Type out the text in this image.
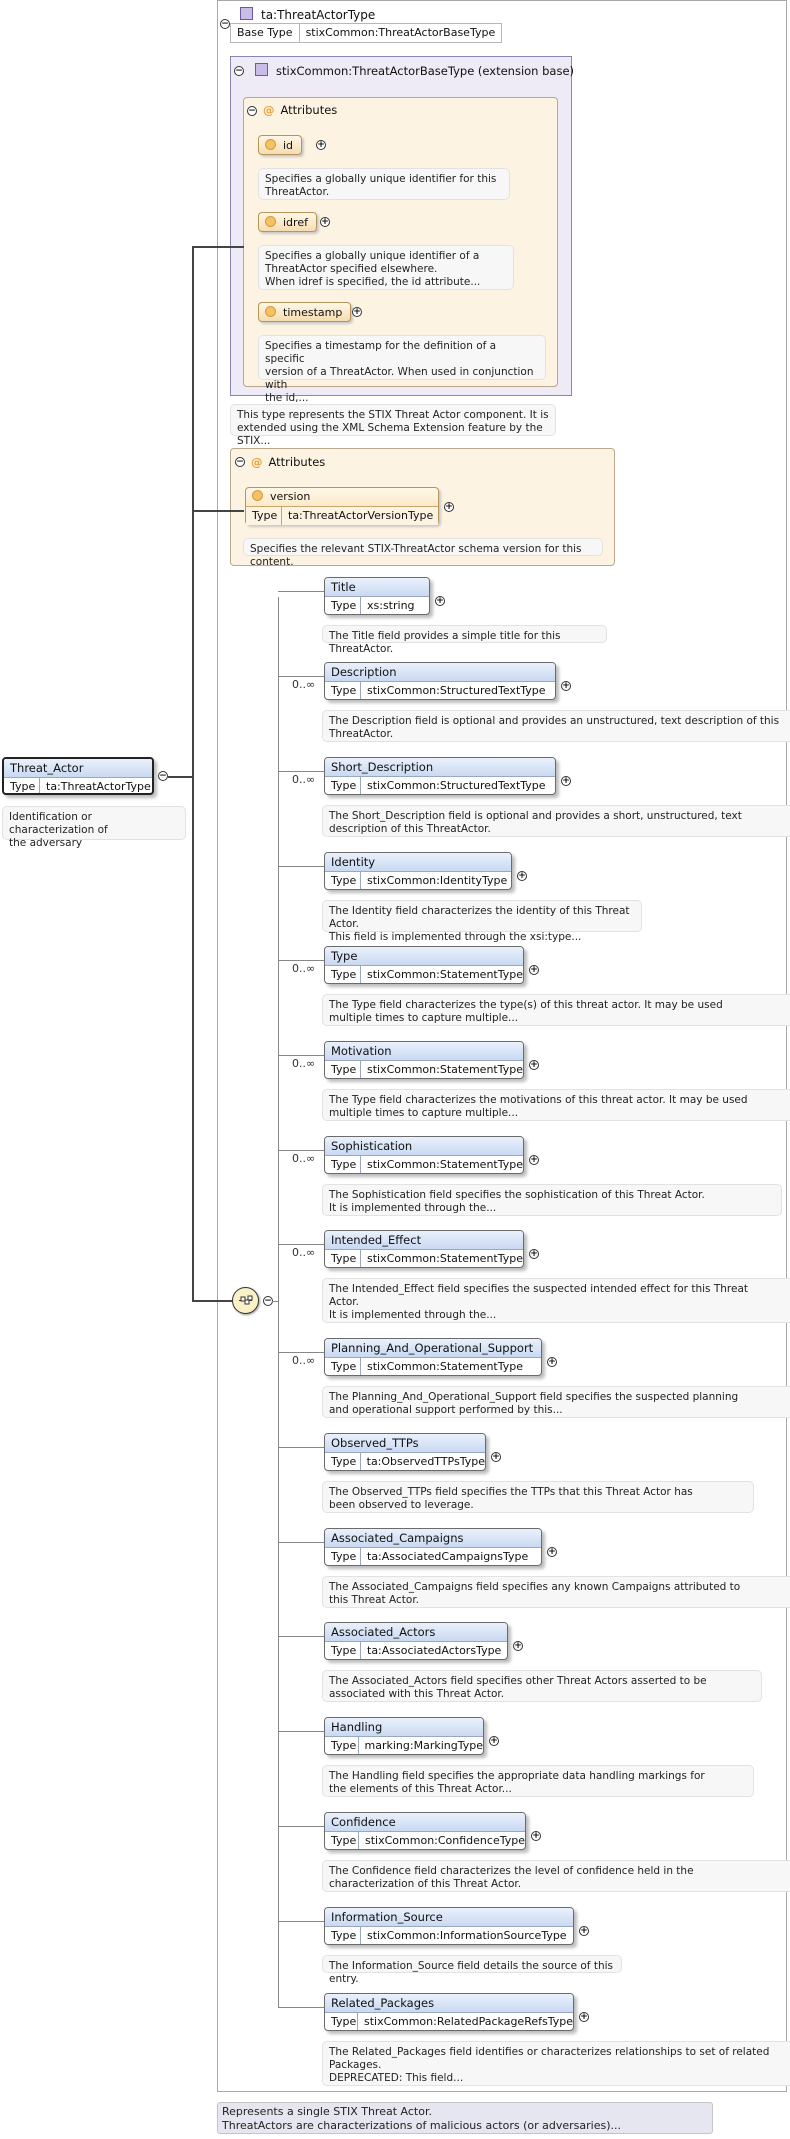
−
ta:ThreatActorType
Base Type	stixCommon:ThreatActorBaseType
−	stixCommon:ThreatActorBaseType (extension base)
− @ Attributes
id	+
Specifies a globally unique identifier for this
ThreatActor.
idref	+
Specifies a globally unique identifier of a
ThreatActor specified elsewhere.
When idref is specified, the id attribute...
timestamp	+
Specifies a timestamp for the definition of a specific
version of a ThreatActor. When used in conjunction with
the id,...
This type represents the STIX Threat Actor component. It is
extended using the XML Schema Extension feature by the STIX...
− @ Attributes
version
Type ta:ThreatActorVersionType
+
Specifies the relevant STIX-ThreatActor schema version for this content.
Threat_Actor
Type ta:ThreatActorType
−
Identification or characterization of
the adversary
−
Title
Type xs:string +
The Title field provides a simple title for this ThreatActor.
0..∞
Description
Type stixCommon:StructuredTextType +
The Description field is optional and provides an unstructured, text description of this
ThreatActor.
0..∞
Short_Description
Type stixCommon:StructuredTextType +
The Short_Description field is optional and provides a short, unstructured, text
description of this ThreatActor.
Identity
Type stixCommon:IdentityType +
The Identity field characterizes the identity of this Threat Actor.
This field is implemented through the xsi:type...
0..∞
Type
Type stixCommon:StatementType +
The Type field characterizes the type(s) of this threat actor. It may be used
multiple times to capture multiple...
0..∞
Motivation
Type stixCommon:StatementType +
The Type field characterizes the motivations of this threat actor. It may be used
multiple times to capture multiple...
0..∞
Sophistication
Type stixCommon:StatementType +
The Sophistication field specifies the sophistication of this Threat Actor.
It is implemented through the...
0..∞
Intended_Effect
Type stixCommon:StatementType +
The Intended_Effect field specifies the suspected intended effect for this Threat
Actor.
It is implemented through the...
0..∞
Planning_And_Operational_Support
Type stixCommon:StatementType	+
The Planning_And_Operational_Support field specifies the suspected planning
and operational support performed by this...
Observed_TTPs
Type ta:ObservedTTPsType +
The Observed_TTPs field specifies the TTPs that this Threat Actor has
been observed to leverage.
Associated_Campaigns
Type ta:AssociatedCampaignsType +
The Associated_Campaigns field specifies any known Campaigns attributed to
this Threat Actor.
Associated_Actors
Type ta:AssociatedActorsType +
The Associated_Actors field specifies other Threat Actors asserted to be
associated with this Threat Actor.
Handling
Type marking:MarkingType +
The Handling field specifies the appropriate data handling markings for
the elements of this Threat Actor...
Confidence
Type stixCommon:ConfidenceType +
The Confidence field characterizes the level of confidence held in the
characterization of this Threat Actor.
Information_Source
Type stixCommon:InformationSourceType +
The Information_Source field details the source of this entry.
Related_Packages
Type stixCommon:RelatedPackageRefsType +
The Related_Packages field identifies or characterizes relationships to set of related
Packages.
DEPRECATED: This field...
Represents a single STIX Threat Actor.
ThreatActors are characterizations of malicious actors (or adversaries)...
